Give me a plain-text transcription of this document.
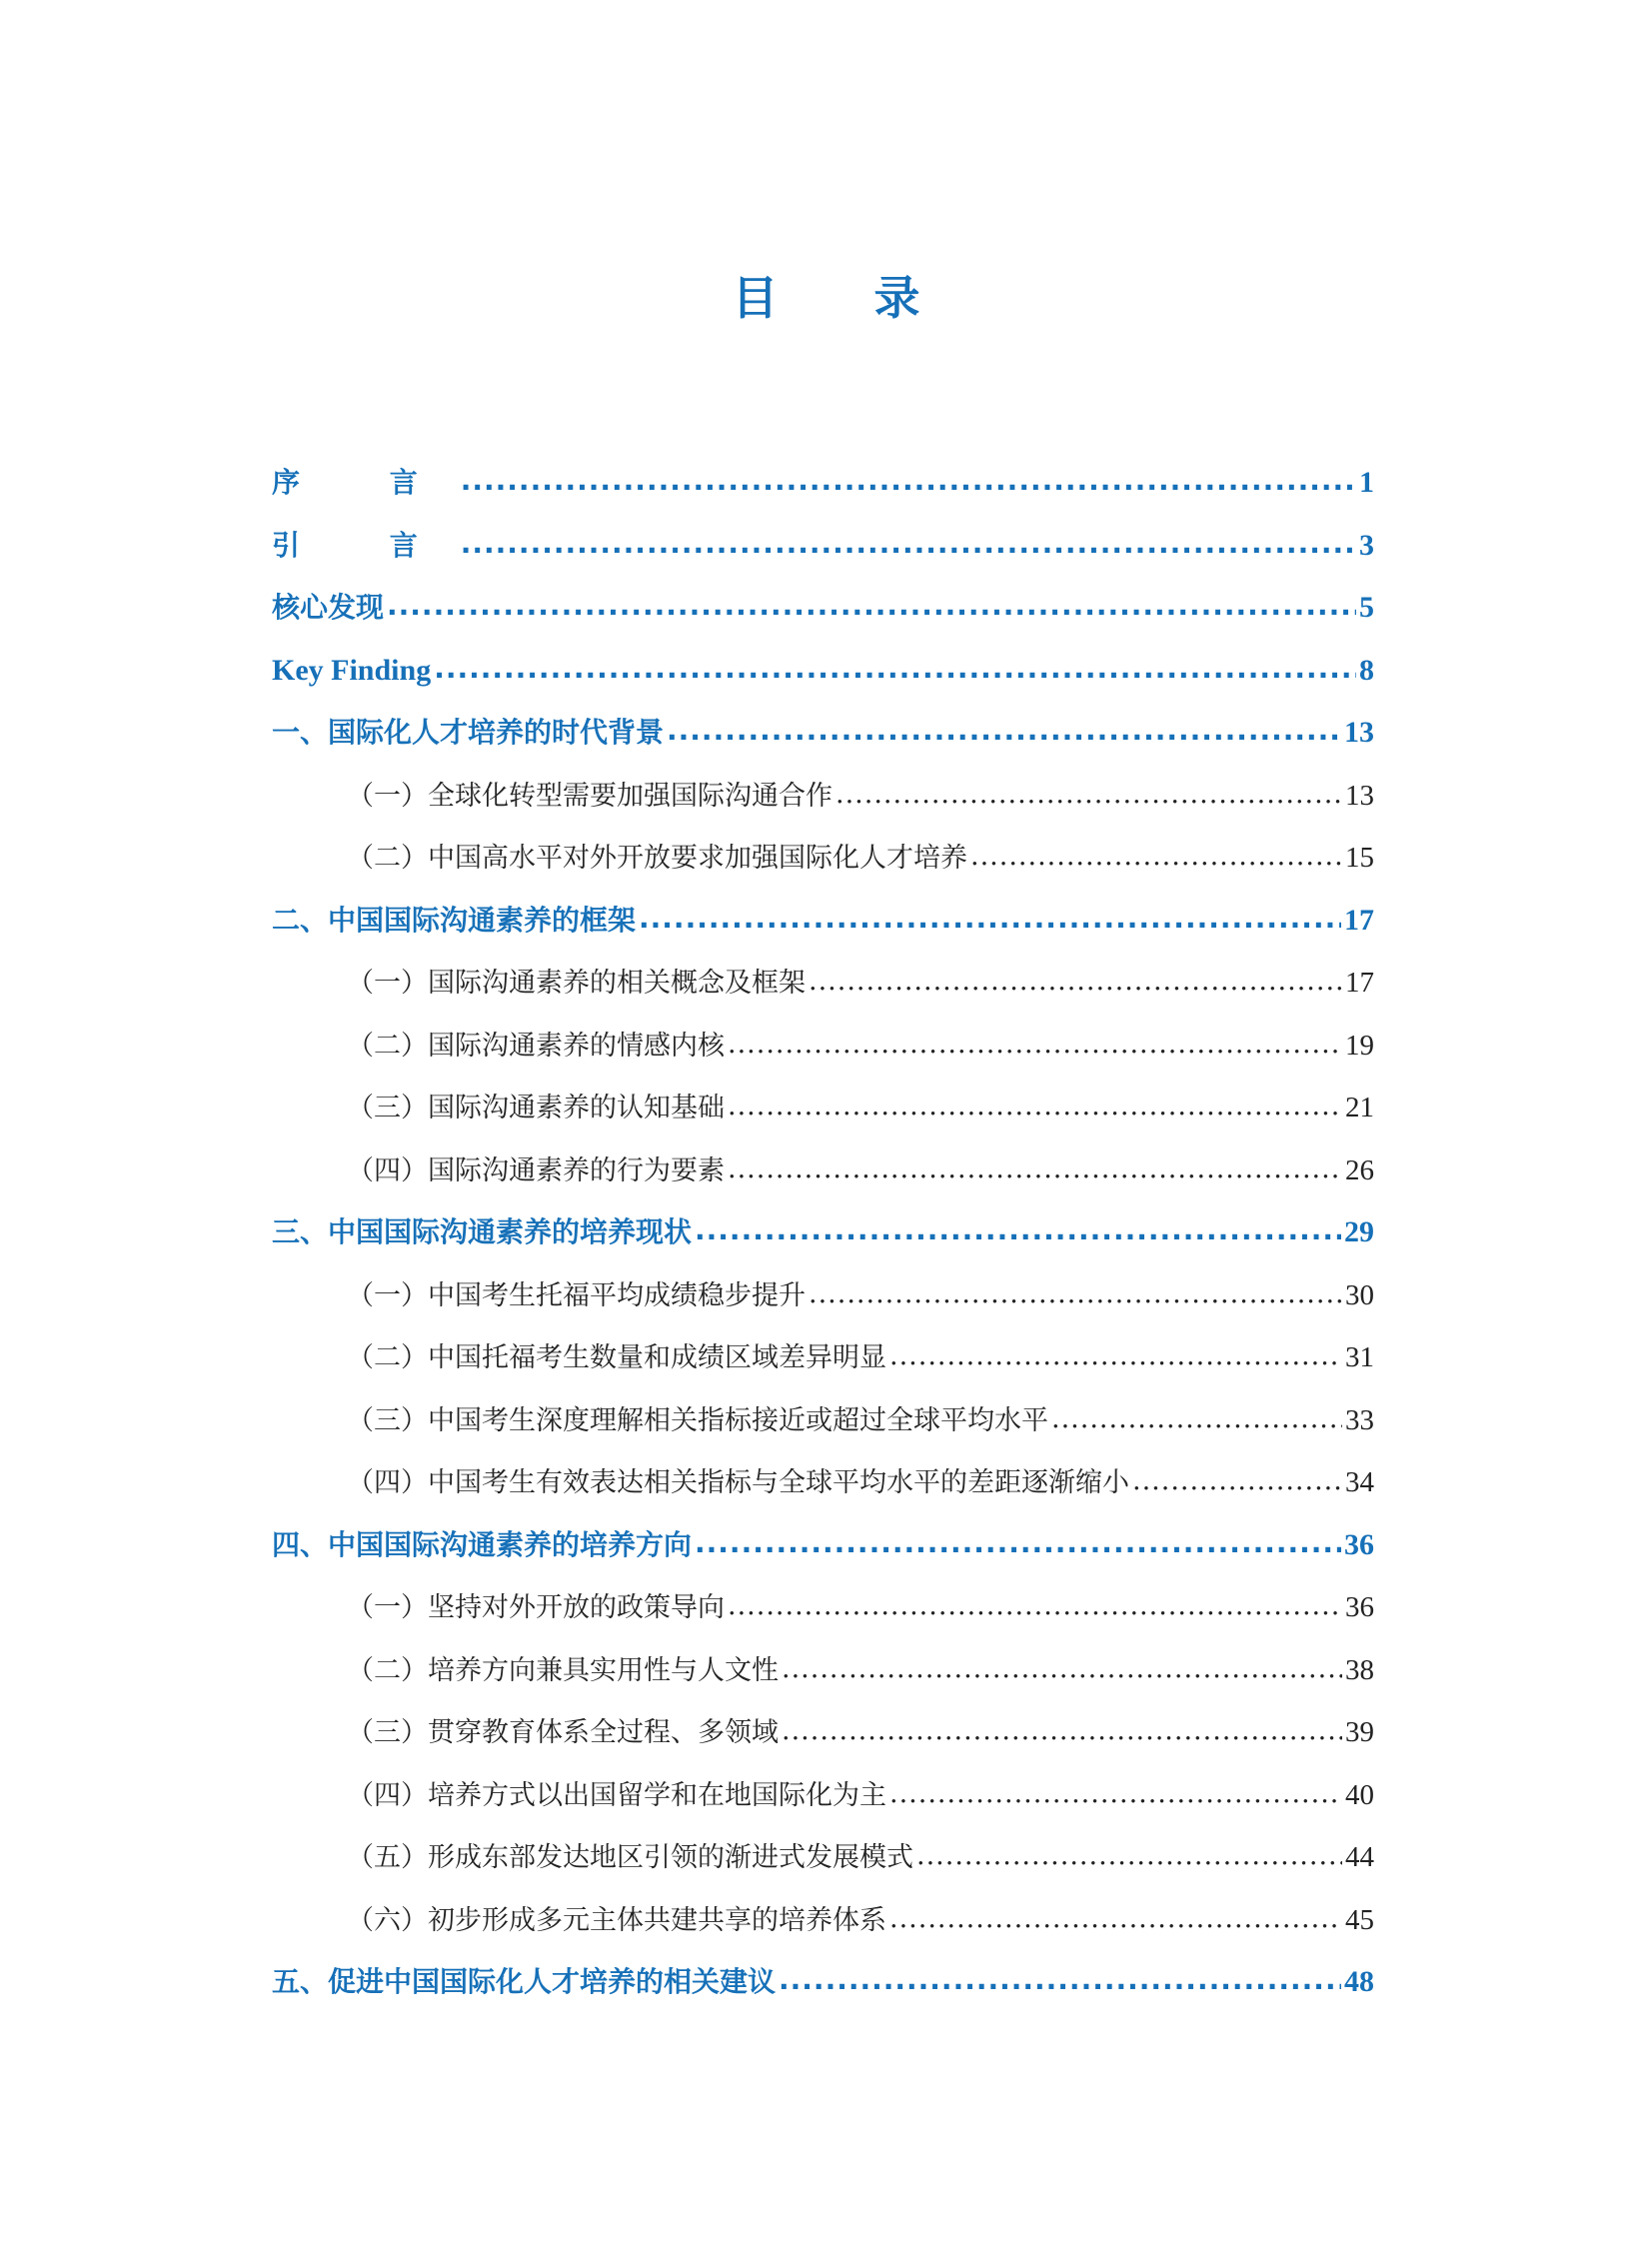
目 录
序 言 .....	1
引 言 .....	3
核心发现 .....	5
Key Finding .....	8
一、国际化人才培养的时代背景 .....	13
（一）全球化转型需要加强国际沟通合作 .....	13
（二）中国高水平对外开放要求加强国际化人才培养 .....	15
二、中国国际沟通素养的框架 .....	17
（一）国际沟通素养的相关概念及框架 .....	17
（二）国际沟通素养的情感内核 .....	19
（三）国际沟通素养的认知基础 .....	21
（四）国际沟通素养的行为要素 .....	26
三、中国国际沟通素养的培养现状 .....	29
（一）中国考生托福平均成绩稳步提升 .....	30
（二）中国托福考生数量和成绩区域差异明显 .....	31
（三）中国考生深度理解相关指标接近或超过全球平均水平 .....	33
（四）中国考生有效表达相关指标与全球平均水平的差距逐渐缩小 .....	34
四、中国国际沟通素养的培养方向 .....	36
（一）坚持对外开放的政策导向 .....	36
（二）培养方向兼具实用性与人文性 .....	38
（三）贯穿教育体系全过程、多领域 .....	39
（四）培养方式以出国留学和在地国际化为主 .....	40
（五）形成东部发达地区引领的渐进式发展模式 .....	44
（六）初步形成多元主体共建共享的培养体系 .....	45
五、促进中国国际化人才培养的相关建议 .....	48
